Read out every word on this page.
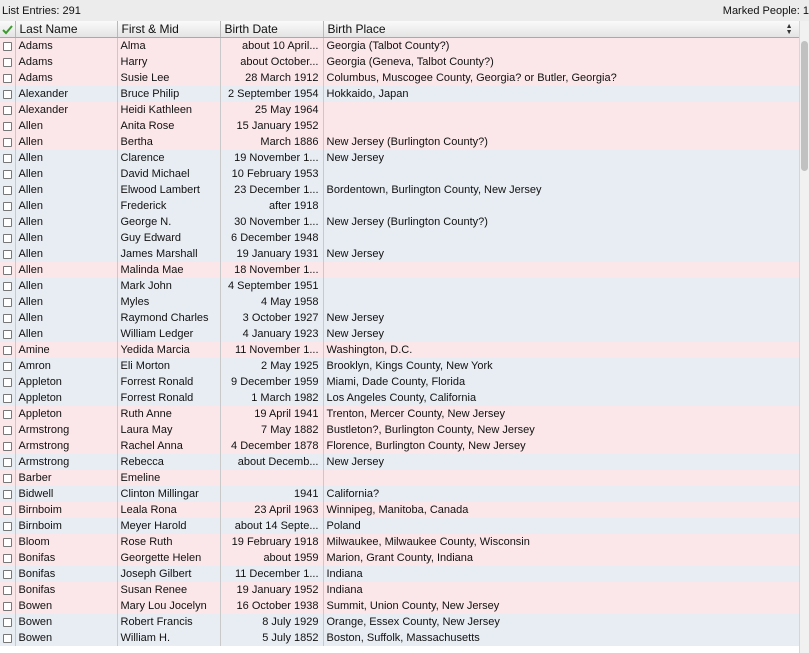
List Entries: 291	Marked People: 1
	Last Name	First & Mid	Birth Date	Birth Place ▲
▼

	Adams	Alma	about 10 April...	Georgia (Talbot County?)
	Adams	Harry	about October...	Georgia (Geneva, Talbot County?)
	Adams	Susie Lee	28 March 1912	Columbus, Muscogee County, Georgia? or Butler, Georgia?
	Alexander	Bruce Philip	2 September 1954	Hokkaido, Japan
	Alexander	Heidi Kathleen	25 May 1964	
	Allen	Anita Rose	15 January 1952	
	Allen	Bertha	March 1886	New Jersey (Burlington County?)
	Allen	Clarence	19 November 1...	New Jersey
	Allen	David Michael	10 February 1953	
	Allen	Elwood Lambert	23 December 1...	Bordentown, Burlington County, New Jersey
	Allen	Frederick	after 1918	
	Allen	George N.	30 November 1...	New Jersey (Burlington County?)
	Allen	Guy Edward	6 December 1948	
	Allen	James Marshall	19 January 1931	New Jersey
	Allen	Malinda Mae	18 November 1...	
	Allen	Mark John	4 September 1951	
	Allen	Myles	4 May 1958	
	Allen	Raymond Charles	3 October 1927	New Jersey
	Allen	William Ledger	4 January 1923	New Jersey
	Amine	Yedida Marcia	11 November 1...	Washington, D.C.
	Amron	Eli Morton	2 May 1925	Brooklyn, Kings County, New York
	Appleton	Forrest Ronald	9 December 1959	Miami, Dade County, Florida
	Appleton	Forrest Ronald	1 March 1982	Los Angeles County, California
	Appleton	Ruth Anne	19 April 1941	Trenton, Mercer County, New Jersey
	Armstrong	Laura May	7 May 1882	Bustleton?, Burlington County, New Jersey
	Armstrong	Rachel Anna	4 December 1878	Florence, Burlington County, New Jersey
	Armstrong	Rebecca	about Decemb...	New Jersey
	Barber	Emeline		
	Bidwell	Clinton Millingar	1941	California?
	Birnboim	Leala Rona	23 April 1963	Winnipeg, Manitoba, Canada
	Birnboim	Meyer Harold	about 14 Septe...	Poland
	Bloom	Rose Ruth	19 February 1918	Milwaukee, Milwaukee County, Wisconsin
	Bonifas	Georgette Helen	about 1959	Marion, Grant County, Indiana
	Bonifas	Joseph Gilbert	11 December 1...	Indiana
	Bonifas	Susan Renee	19 January 1952	Indiana
	Bowen	Mary Lou Jocelyn	16 October 1938	Summit, Union County, New Jersey
	Bowen	Robert Francis	8 July 1929	Orange, Essex County, New Jersey
	Bowen	William H.	5 July 1852	Boston, Suffolk, Massachusetts
